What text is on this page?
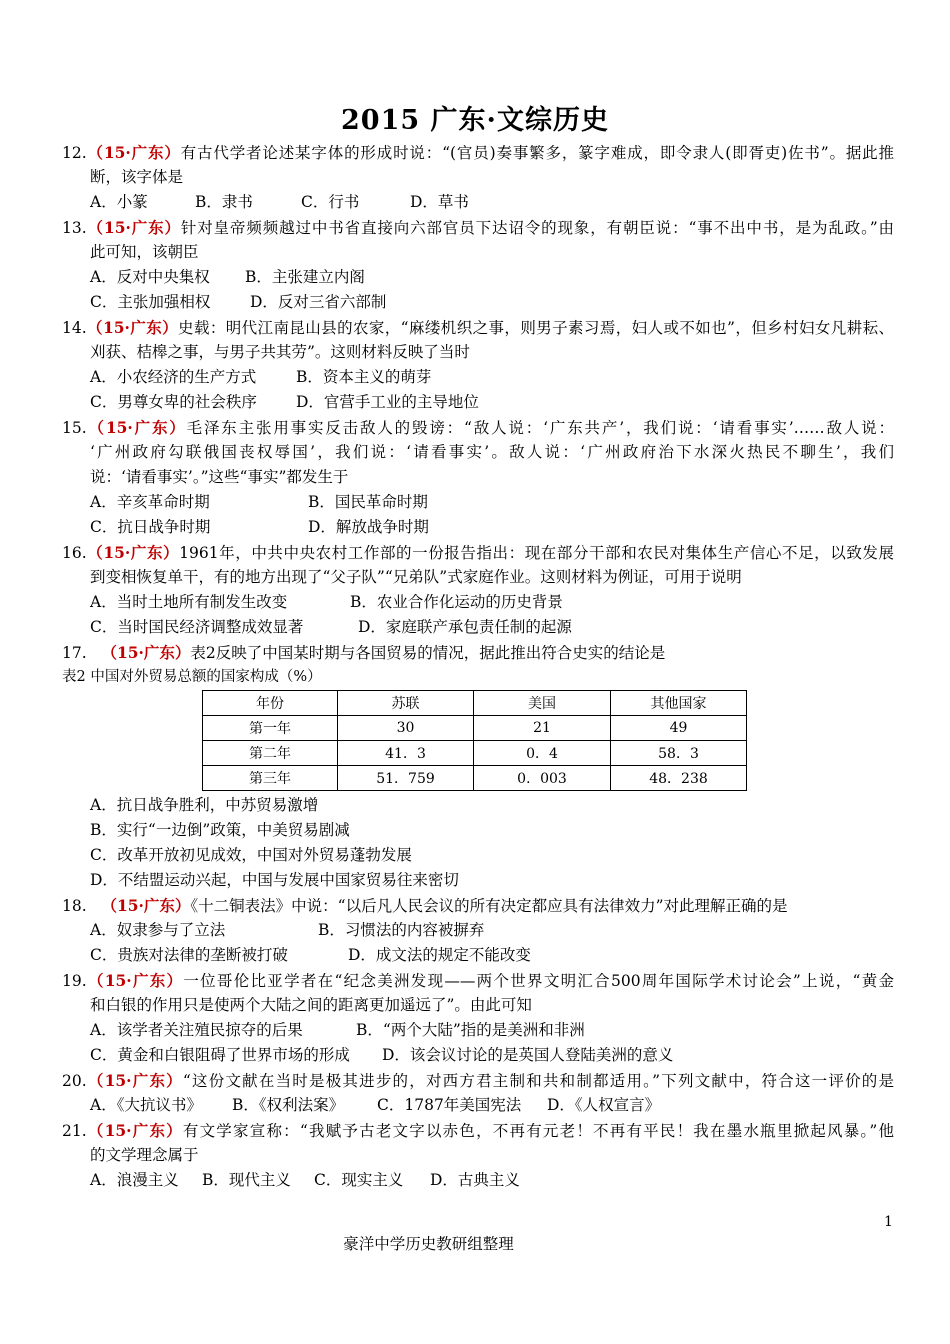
2015 广东·文综历史
12.（15·广东）有古代学者论述某字体的形成时说：“(官员)奏事繁多，篆字难成，即令隶人(即胥吏)佐书”。据此推
断，该字体是
A．小篆	B．隶书	C．行书	D．草书
13.（15·广东）针对皇帝频频越过中书省直接向六部官员下达诏令的现象，有朝臣说：“事不出中书，是为乱政。”由
此可知，该朝臣
A．反对中央集权 B．主张建立内阁
C．主张加强相权	D．反对三省六部制
14.（15·广东）史载：明代江南昆山县的农家，“麻缕机织之事，则男子素习焉，妇人或不如也”，但乡村妇女凡耕耘、
刈获、桔槔之事，与男子共其劳”。这则材料反映了当时
A．小农经济的生产方式	B．资本主义的萌芽
C．男尊女卑的社会秩序	D．官营手工业的主导地位
15.（15·广东）毛泽东主张用事实反击敌人的毁谤：“敌人说：‘广东共产’，我们说：‘请看事实’……敌人说：
‘广州政府勾联俄国丧权辱国’，我们说：‘请看事实’。敌人说：‘广州政府治下水深火热民不聊生’，我们
说：‘请看事实’。”这些“事实”都发生于
A．辛亥革命时期	B．国民革命时期
C．抗日战争时期	D．解放战争时期
16.（15·广东）1961年，中共中央农村工作部的一份报告指出：现在部分干部和农民对集体生产信心不足，以致发展
到变相恢复单干，有的地方出现了“父子队”“兄弟队”式家庭作业。这则材料为例证，可用于说明
A．当时土地所有制发生改变	B．农业合作化运动的历史背景
C．当时国民经济调整成效显著	D．家庭联产承包责任制的起源
17. （15·广东）表2反映了中国某时期与各国贸易的情况，据此推出符合史实的结论是
表2 中国对外贸易总额的国家构成（%）
年份	苏联	美国	其他国家
第一年	30	21	49
第二年	41．3	0．4	58．3
第三年	51．759	0．003	48．238
A．抗日战争胜利，中苏贸易激增
B．实行“一边倒”政策，中美贸易剧减
C．改革开放初见成效，中国对外贸易蓬勃发展
D．不结盟运动兴起，中国与发展中国家贸易往来密切
18. （15·广东）《十二铜表法》中说：“以后凡人民会议的所有决定都应具有法律效力”对此理解正确的是
A．奴隶参与了立法	B．习惯法的内容被摒弃
C．贵族对法律的垄断被打破	D．成文法的规定不能改变
19.（15·广东）一位哥伦比亚学者在“纪念美洲发现——两个世界文明汇合500周年国际学术讨论会”上说，“黄金
和白银的作用只是使两个大陆之间的距离更加遥远了”。由此可知
A．该学者关注殖民掠夺的后果	B．“两个大陆”指的是美洲和非洲
C．黄金和白银阻碍了世界市场的形成 D．该会议讨论的是英国人登陆美洲的意义
20.（15·广东）“这份文献在当时是极其进步的，对西方君主制和共和制都适用。”下列文献中，符合这一评价的是
A．《大抗议书》 B．《权利法案》 C．1787年美国宪法 D．《人权宣言》
21.（15·广东）有文学家宣称：“我赋予古老文字以赤色，不再有元老！不再有平民！我在墨水瓶里掀起风暴。”他
的文学理念属于
A．浪漫主义 B．现代主义 C．现实主义 D．古典主义
1
豪洋中学历史教研组整理
